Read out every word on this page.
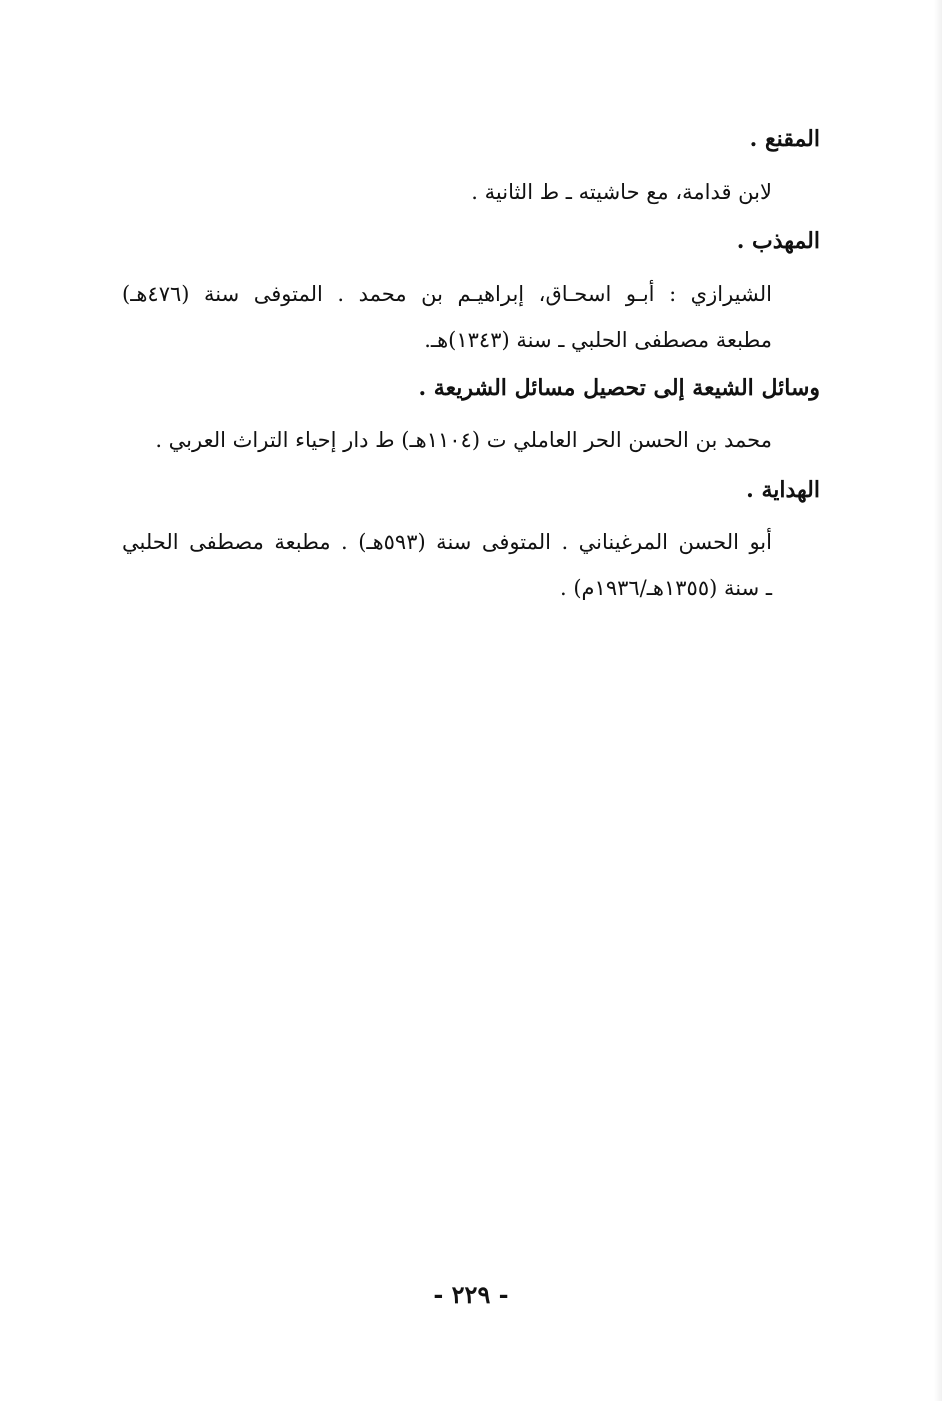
المقنع .
لابن قدامة، مع حاشيته ـ ط الثانية .
المهذب .
الشيرازي : أبـو اسحـاق، إبراهيـم بن محمد . المتوفى سنة (٤٧٦هـ)
مطبعة مصطفى الحلبي ـ سنة (١٣٤٣)هـ.
وسائل الشيعة إلى تحصيل مسائل الشريعة .
محمد بن الحسن الحر العاملي ت (١١٠٤هـ) ط دار إحياء التراث العربي .
الهداية .
أبو الحسن المرغيناني . المتوفى سنة (٥٩٣هـ) . مطبعة مصطفى الحلبي
ـ سنة (١٣٥٥هـ/١٩٣٦م) .
- ٢٢٩ -
